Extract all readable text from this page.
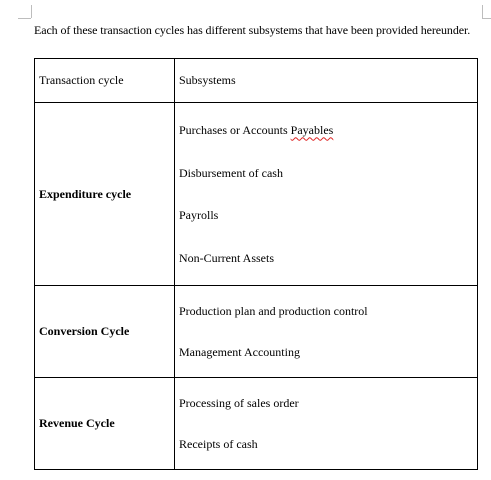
Each of these transaction cycles has different subsystems that have been provided hereunder.
Transaction cycle	Subsystems
Expenditure cycle	Purchases or Accounts Payables
Disbursement of cash
Payrolls
Non-Current Assets

Conversion Cycle	Production plan and production control
Management Accounting

Revenue Cycle	Processing of sales order
Receipts of cash
